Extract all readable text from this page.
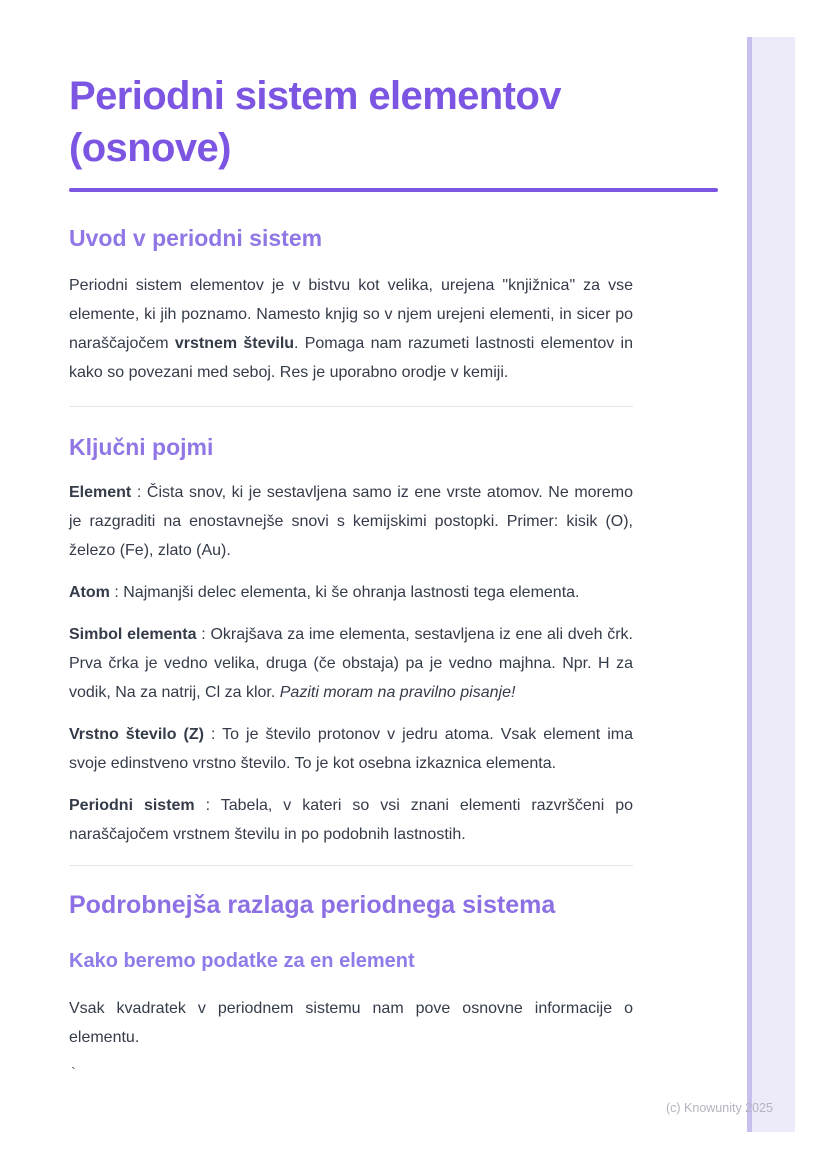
Periodni sistem elementov (osnove)
Uvod v periodni sistem

Periodni sistem elementov je v bistvu kot velika, urejena "knjižnica" za vse elemente, ki jih poznamo. Namesto knjig so v njem urejeni elementi, in sicer po naraščajočem vrstnem številu. Pomaga nam razumeti lastnosti elementov in kako so povezani med seboj. Res je uporabno orodje v kemiji.

Ključni pojmi

Element : Čista snov, ki je sestavljena samo iz ene vrste atomov. Ne moremo je razgraditi na enostavnejše snovi s kemijskimi postopki. Primer: kisik (O), železo (Fe), zlato (Au).

Atom : Najmanjši delec elementa, ki še ohranja lastnosti tega elementa.

Simbol elementa : Okrajšava za ime elementa, sestavljena iz ene ali dveh črk. Prva črka je vedno velika, druga (če obstaja) pa je vedno majhna. Npr. H za vodik, Na za natrij, Cl za klor. Paziti moram na pravilno pisanje!

Vrstno število (Z) : To je število protonov v jedru atoma. Vsak element ima svoje edinstveno vrstno število. To je kot osebna izkaznica elementa.

Periodni sistem : Tabela, v kateri so vsi znani elementi razvrščeni po naraščajočem vrstnem številu in po podobnih lastnostih.

Podrobnejša razlaga periodnega sistema
Kako beremo podatke za en element

Vsak kvadratek v periodnem sistemu nam pove osnovne informacije o elementu.

`

(c) Knowunity 2025
